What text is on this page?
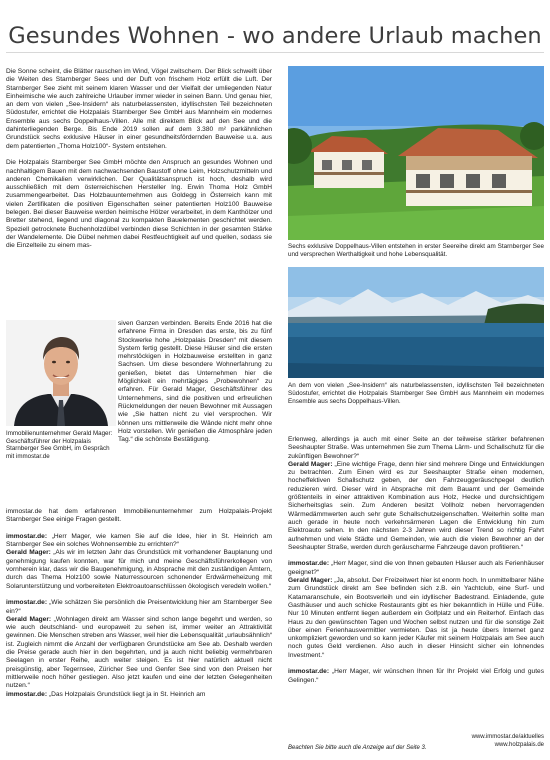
Gesundes Wohnen - wo andere Urlaub machen

Die Sonne scheint, die Blätter rauschen im Wind, Vögel zwitschern. Der Blick schweift über die Weiten des Starnberger Sees und der Duft von frischem Holz erfüllt die Luft. Der Starnberger See zieht mit seinem klaren Wasser und der Vielfalt der umliegenden Natur Einheimische wie auch zahlreiche Urlauber immer wieder in seinen Bann. Und genau hier, an dem von vielen „See-Insidern“ als naturbelassensten, idyllischsten Teil bezeichneten Südostufer, errichtet die Holzpalais Starnberger See GmbH aus Mannheim ein modernes Ensemble aus sechs Doppelhaus-Villen. Alle mit direktem Blick auf den See und die dahinterliegenden Berge. Bis Ende 2019 sollen auf dem 3.380 m² parkähnlichen Grundstück sechs exklusive Häuser in einer gesundheitsfördernden Bauweise u.a. aus dem patentierten „Thoma Holz100“- System entstehen.

Die Holzpalais Starnberger See GmbH möchte den Anspruch an gesundes Wohnen und nachhaltigem Bauen mit dem nachwachsenden Baustoff ohne Leim, Holzschutzmitteln und anderen Chemikalien verwirklichen. Der Qualitätsanspruch ist hoch, deshalb wird ausschließlich mit dem österreichischen Hersteller Ing. Erwin Thoma Holz GmbH zusammengearbeitet. Das Holzbauunternehmen aus Goldegg in Österreich kann mit vielen Zertifikaten die positiven Eigenschaften seiner patentierten Holz100 Bauweise belegen. Bei dieser Bauweise werden heimische Hölzer verarbeitet, in dem Kanthölzer und Bretter stehend, liegend und diagonal zu kompakten Bauelementen geschichtet werden. Speziell getrocknete Buchenholzdübel verbinden diese Schichten in der gesamten Stärke der Wandelemente. Die Dübel nehmen dabei Restfeuchtigkeit auf und quellen, sodass sie die Einzelteile zu einem mas-

Immobilienunternehmer Gerald Mager: Geschäftsführer der Holzpalais Starnberger See GmbH, im Gespräch mit immostar.de

siven Ganzen verbinden. Bereits Ende 2016 hat die erfahrene Firma in Dresden das erste, bis zu fünf Stockwerke hohe „Holzpalais Dresden“ mit diesem System fertig gestellt. Diese Häuser sind die ersten mehrstöckigen in Holzbauweise erstellten in ganz Sachsen. Um diese besondere Wohnerfahrung zu genießen, bietet das Unternehmen hier die Möglichkeit ein mehrtägiges „Probewohnen“ zu erfahren. Für Gerald Mager, Geschäftsführer des Unternehmens, sind die positiven und erfreulichen Rückmeldungen der neuen Bewohner mit Aussagen wie „Sie hatten nicht zu viel versprochen. Wir können uns mittlerweile die Wände nicht mehr ohne Holz vorstellen. Wir genießen die Atmosphäre jeden Tag.“ die schönste Bestätigung.

immostar.de hat dem erfahrenen Immobilienunternehmer zum Holzpalais-Projekt Starnberger See einige Fragen gestellt.

immostar.de: „Herr Mager, wie kamen Sie auf die Idee, hier in St. Heinrich am Starnberger See ein solches Wohnensemble zu errichten?“

Gerald Mager: „Als wir im letzten Jahr das Grundstück mit vorhandener Bauplanung und genehmigung kaufen konnten, war für mich und meine Geschäftsführerkollegen von vornherein klar, dass wir die Baugenehmigung, in Absprache mit den zuständigen Ämtern, durch das Thema Holz100 sowie Naturressourcen schonender Erdwärmeheizung mit Solarunterstützung und vorbereiteten Elektroautoanschlüssen ökologisch veredeln wollen.“

immostar.de: „Wie schätzen Sie persönlich die Preisentwicklung hier am Starnberger See ein?“

Gerald Mager: „Wohnlagen direkt am Wasser sind schon lange begehrt und werden, so wie auch deutschland- und europaweit zu sehen ist, immer weiter an Attraktivität gewinnen. Die Menschen streben ans Wasser, weil hier die Lebensqualität „urlaubsähnlich“ ist. Zugleich nimmt die Anzahl der verfügbaren Grundstücke am See ab. Deshalb werden die Preise gerade auch hier in den begehrten, und ja auch nicht beliebig vermehrbaren Seelagen in erster Reihe, auch weiter steigen. Es ist hier natürlich aktuell nicht preisgünstig, aber Tegernsee, Züricher See und Genfer See sind von den Preisen her mittlerweile noch höher gestiegen. Also jetzt kaufen und eine der letzten Gelegenheiten nutzen.“

immostar.de: „Das Holzpalais Grundstück liegt ja in St. Heinrich am

Sechs exklusive Doppelhaus-Villen entstehen in erster Seereihe direkt am Starnberger See und versprechen Werthaltigkeit und hohe Lebensqualität.
An dem von vielen „See-Insidern“ als naturbelassensten, idyllischsten Teil bezeichneten Südostufer, errichtet die Holzpalais Starnberger See GmbH aus Mannheim ein modernes Ensemble aus sechs Doppelhaus-Villen.

Erlenweg, allerdings ja auch mit einer Seite an der teilweise stärker befahrenen Seeshaupter Straße. Was unternehmen Sie zum Thema Lärm- und Schallschutz für die zukünftigen Bewohner?“

Gerald Mager: „Eine wichtige Frage, denn hier sind mehrere Dinge und Entwicklungen zu betrachten. Zum Einen wird es zur Seeshaupter Straße einen modernen, hocheffektiven Schallschutz geben, der den Fahrzeuggeräuschpegel deutlich reduzieren wird. Dieser wird in Absprache mit dem Bauamt und der Gemeinde größtenteils in einer attraktiven Kombination aus Holz, Hecke und durchsichtigem Sicherheitsglas sein. Zum Anderen besitzt Vollholz neben hervorragenden Wärmedämmwerten auch sehr gute Schallschutzeigenschaften. Weiterhin sollte man auch gerade in heute noch verkehrsärmeren Lagen die Entwicklung hin zum Elektroauto sehen. In den nächsten 2-3 Jahren wird dieser Trend so richtig Fahrt aufnehmen und viele Städte und Gemeinden, wie auch die vielen Bewohner an der Seeshaupter Straße, werden durch geräuscharme Fahrzeuge davon profitieren.“

immostar.de: „Herr Mager, sind die von Ihnen gebauten Häuser auch als Ferienhäuser geeignet?“

Gerald Mager: „Ja, absolut. Der Freizeitwert hier ist enorm hoch. In unmittelbarer Nähe zum Grundstück direkt am See befinden sich z.B. ein Yachtclub, eine Surf- und Katamaranschule, ein Bootsverleih und ein idyllischer Badestrand. Einladende, gute Gasthäuser und auch schicke Restaurants gibt es hier bekanntlich in Hülle und Fülle. Nur 10 Minuten entfernt liegen außerdem ein Golfplatz und ein Reiterhof. Einfach das Haus zu den gewünschten Tagen und Wochen selbst nutzen und für die sonstige Zeit über einen Ferienhausvermittler vermieten. Das ist ja heute übers Internet ganz unkompliziert geworden und so kann jeder Käufer mit seinem Holzpalais am See auch noch gutes Geld verdienen. Also auch in dieser Hinsicht sicher ein lohnendes Investment.“

immostar.de: „Herr Mager, wir wünschen Ihnen für Ihr Projekt viel Erfolg und gutes Gelingen.“

Beachten Sie bitte auch die Anzeige auf der Seite 3.
www.immostar.de/aktuelles
www.holzpalais.de
